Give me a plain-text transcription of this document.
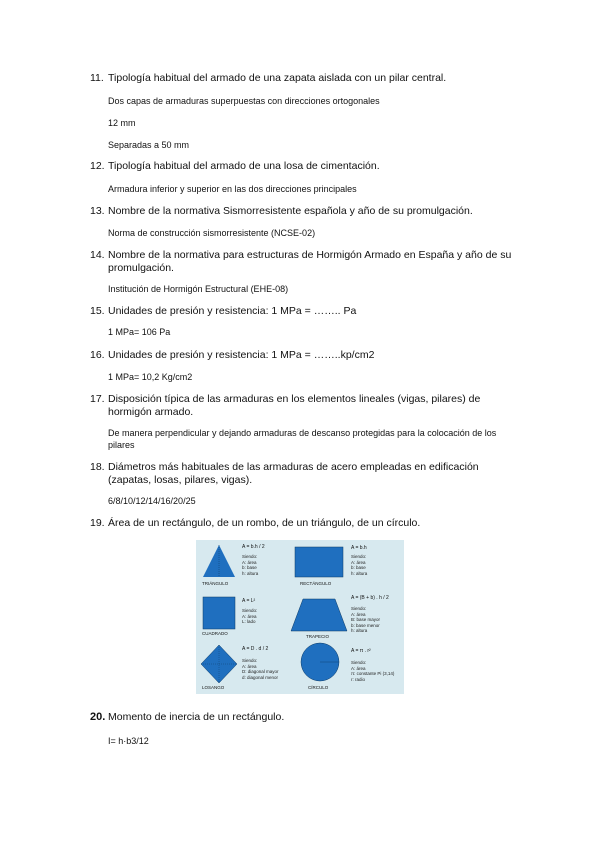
11. Tipología habitual del armado de una zapata aislada con un pilar central.
Dos capas de armaduras superpuestas con direcciones ortogonales
12 mm
Separadas a 50 mm
12. Tipología habitual del armado de una losa de cimentación.
Armadura inferior y superior en las dos direcciones principales
13. Nombre de la normativa Sismorresistente española y año de su promulgación.
Norma de construcción sismorresistente (NCSE-02)
14. Nombre de la normativa para estructuras de Hormigón Armado en España y año de su promulgación.
Institución de Hormigón Estructural (EHE-08)
15. Unidades de presión y resistencia: 1 MPa = …….. Pa
1 MPa= 106 Pa
16. Unidades de presión y resistencia: 1 MPa = ……..kp/cm2
1 MPa= 10,2 Kg/cm2
17. Disposición típica de las armaduras en los elementos lineales (vigas, pilares) de hormigón armado.
De manera perpendicular y dejando armaduras de descanso protegidas para la colocación de los pilares
18. Diámetros más habituales de las armaduras de acero empleadas en edificación (zapatas, losas, pilares, vigas).
6/8/10/12/14/16/20/25
19. Área de un rectángulo, de un rombo, de un triángulo, de un círculo.
TRIÁNGULO
A = b.h / 2
Siendo:
A: área
b: base
h: altura
RECTÁNGULO
A = b.h
Siendo:
A: área
b: base
h: altura
CUADRADO
A = L²
Siendo:
A: área
L: lado
TRAPECIO
A = (B + b) . h / 2
Siendo:
A: área
B: base mayor
b: base menor
h: altura
LOSANGO
A = D . d / 2
Siendo:
A: área
D: diagonal mayor
d: diagonal menor
CÍRCULO
A = π . r²
Siendo:
A: área
π: constante Pi (3,14)
r: radio
20. Momento de inercia de un rectángulo.
I= h·b3/12
